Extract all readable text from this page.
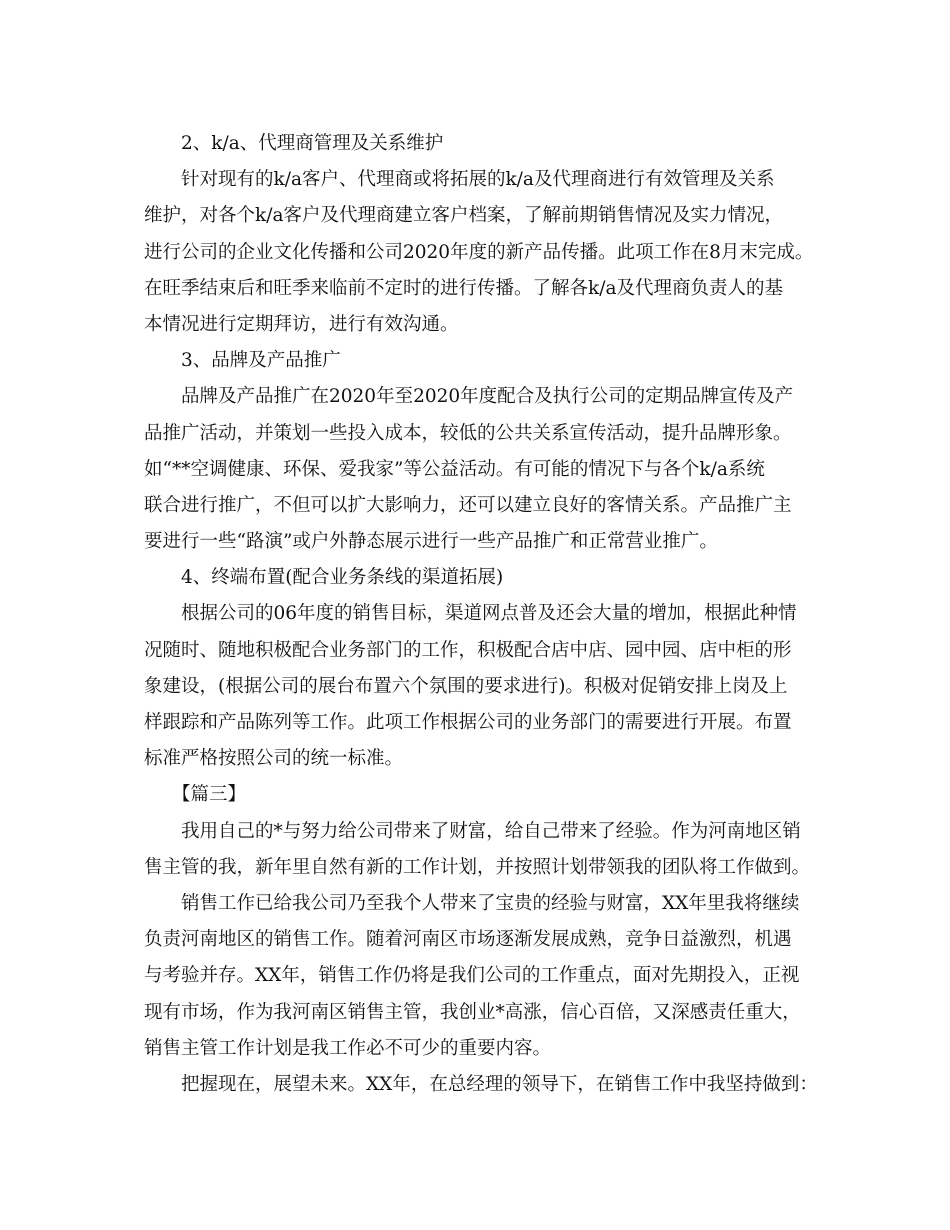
2、k/a、代理商管理及关系维护
针对现有的k/a客户、代理商或将拓展的k/a及代理商进行有效管理及关系
维护，对各个k/a客户及代理商建立客户档案，了解前期销售情况及实力情况，
进行公司的企业文化传播和公司2020年度的新产品传播。此项工作在8月末完成。
在旺季结束后和旺季来临前不定时的进行传播。了解各k/a及代理商负责人的基
本情况进行定期拜访，进行有效沟通。
3、品牌及产品推广
品牌及产品推广在2020年至2020年度配合及执行公司的定期品牌宣传及产
品推广活动，并策划一些投入成本，较低的公共关系宣传活动，提升品牌形象。
如“**空调健康、环保、爱我家”等公益活动。有可能的情况下与各个k/a系统
联合进行推广，不但可以扩大影响力，还可以建立良好的客情关系。产品推广主
要进行一些“路演”或户外静态展示进行一些产品推广和正常营业推广。
4、终端布置(配合业务条线的渠道拓展)
根据公司的06年度的销售目标，渠道网点普及还会大量的增加，根据此种情
况随时、随地积极配合业务部门的工作，积极配合店中店、园中园、店中柜的形
象建设，(根据公司的展台布置六个氛围的要求进行)。积极对促销安排上岗及上
样跟踪和产品陈列等工作。此项工作根据公司的业务部门的需要进行开展。布置
标准严格按照公司的统一标准。
【篇三】
我用自己的*与努力给公司带来了财富，给自己带来了经验。作为河南地区销
售主管的我，新年里自然有新的工作计划，并按照计划带领我的团队将工作做到。
销售工作已给我公司乃至我个人带来了宝贵的经验与财富，XX年里我将继续
负责河南地区的销售工作。随着河南区市场逐渐发展成熟，竞争日益激烈，机遇
与考验并存。XX年，销售工作仍将是我们公司的工作重点，面对先期投入，正视
现有市场，作为我河南区销售主管，我创业*高涨，信心百倍，又深感责任重大，
销售主管工作计划是我工作必不可少的重要内容。
把握现在，展望未来。XX年，在总经理的领导下，在销售工作中我坚持做到：
